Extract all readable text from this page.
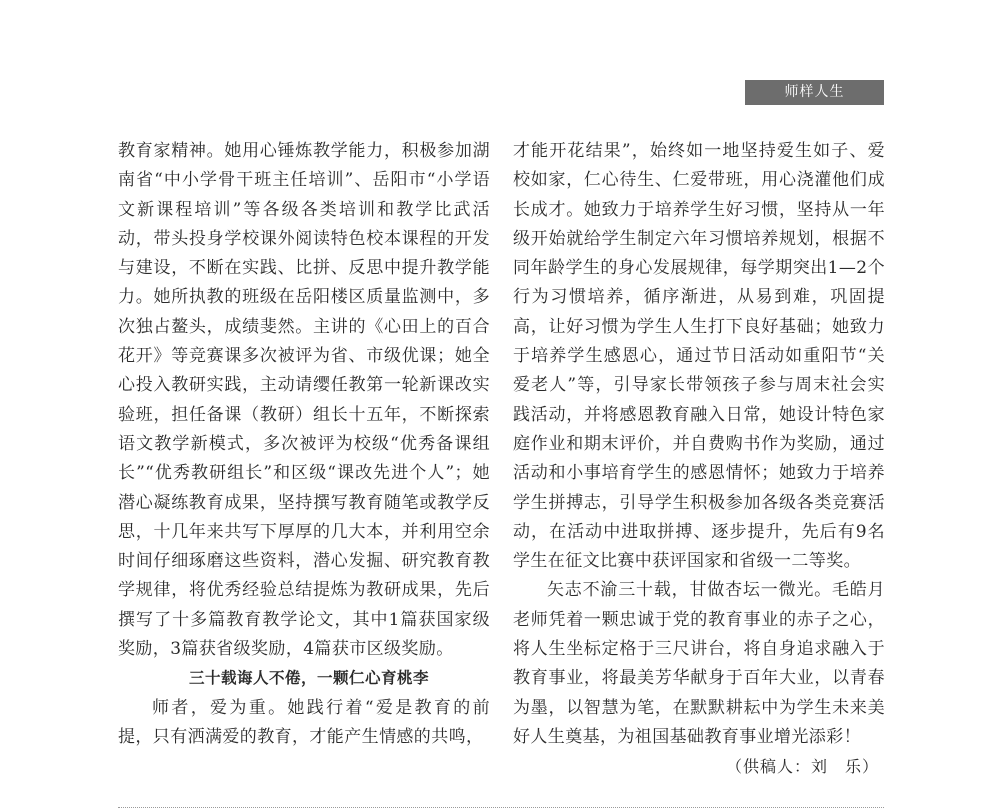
师样人生

教育家精神。她用心锤炼教学能力，积极参加湖南省“中小学骨干班主任培训”、岳阳市“小学语文新课程培训”等各级各类培训和教学比武活动，带头投身学校课外阅读特色校本课程的开发与建设，不断在实践、比拼、反思中提升教学能力。她所执教的班级在岳阳楼区质量监测中，多次独占鳌头，成绩斐然。主讲的《心田上的百合花开》等竞赛课多次被评为省、市级优课；她全心投入教研实践，主动请缨任教第一轮新课改实验班，担任备课（教研）组长十五年，不断探索语文教学新模式，多次被评为校级“优秀备课组长”“优秀教研组长”和区级“课改先进个人”；她潜心凝练教育成果，坚持撰写教育随笔或教学反思，十几年来共写下厚厚的几大本，并利用空余时间仔细琢磨这些资料，潜心发掘、研究教育教学规律，将优秀经验总结提炼为教研成果，先后撰写了十多篇教育教学论文，其中1篇获国家级奖励，3篇获省级奖励，4篇获市区级奖励。

三十载诲人不倦，一颗仁心育桃李

师者，爱为重。她践行着“爱是教育的前提，只有洒满爱的教育，才能产生情感的共鸣，

才能开花结果”，始终如一地坚持爱生如子、爱校如家，仁心待生、仁爱带班，用心浇灌他们成长成才。她致力于培养学生好习惯，坚持从一年级开始就给学生制定六年习惯培养规划，根据不同年龄学生的身心发展规律，每学期突出1—2个行为习惯培养，循序渐进，从易到难，巩固提高，让好习惯为学生人生打下良好基础；她致力于培养学生感恩心，通过节日活动如重阳节“关爱老人”等，引导家长带领孩子参与周末社会实践活动，并将感恩教育融入日常，她设计特色家庭作业和期末评价，并自费购书作为奖励，通过活动和小事培育学生的感恩情怀；她致力于培养学生拼搏志，引导学生积极参加各级各类竞赛活动，在活动中进取拼搏、逐步提升，先后有9名学生在征文比赛中获评国家和省级一二等奖。

矢志不渝三十载，甘做杏坛一微光。毛皓月老师凭着一颗忠诚于党的教育事业的赤子之心，将人生坐标定格于三尺讲台，将自身追求融入于教育事业，将最美芳华献身于百年大业，以青春为墨，以智慧为笔，在默默耕耘中为学生未来美好人生奠基，为祖国基础教育事业增光添彩！

（供稿人：刘　乐）
